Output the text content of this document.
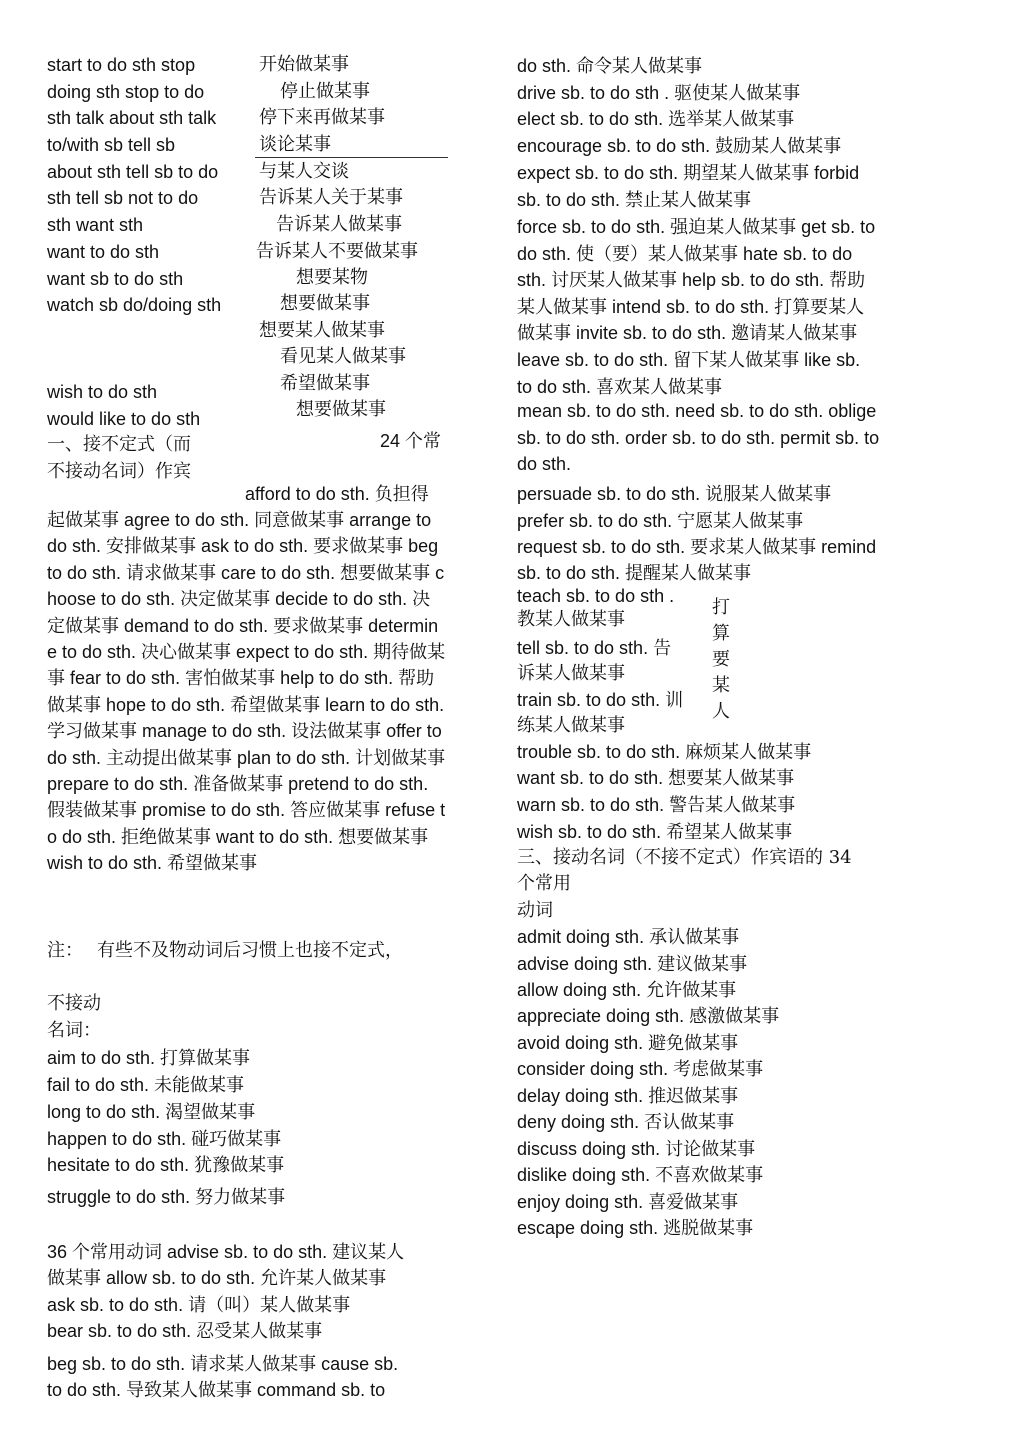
start to do sth stop
doing sth stop to do
sth talk about sth talk
to/with sb tell sb
about sth tell sb to do
sth tell sb not to do
sth want sth
want to do sth
want sb to do sth
watch sb do/doing sth
开始做某事
停止做某事
停下来再做某事
谈论某事
与某人交谈
告诉某人关于某事
告诉某人做某事
告诉某人不要做某事
想要某物
想要做某事
想要某人做某事
看见某人做某事
希望做某事
想要做某事
wish to do sth
would like to do sth
一、接不定式（而
不接动名词）作宾
24 个常
afford to do sth. 负担得
起做某事 agree to do sth. 同意做某事 arrange to do sth. 安排做某事 ask to do sth. 要求做某事 beg to do sth. 请求做某事 care to do sth. 想要做某事 choose to do sth. 决定做某事 decide to do sth. 决定做某事 demand to do sth. 要求做某事 determine to do sth. 决心做某事 expect to do sth. 期待做某事 fear to do sth. 害怕做某事 help to do sth. 帮助做某事 hope to do sth. 希望做某事 learn to do sth. 学习做某事 manage to do sth. 设法做某事 offer to do sth. 主动提出做某事 plan to do sth. 计划做某事 prepare to do sth. 准备做某事 pretend to do sth. 假装做某事 promise to do sth. 答应做某事 refuse to do sth. 拒绝做某事 want to do sth. 想要做某事 wish to do sth. 希望做某事
注： 有些不及物动词后习惯上也接不定式，
不接动
名词：
aim to do sth. 打算做某事
fail to do sth. 未能做某事
long to do sth. 渴望做某事
happen to do sth. 碰巧做某事
hesitate to do sth. 犹豫做某事
struggle to do sth. 努力做某事
36 个常用动词 advise sb. to do sth. 建议某人
做某事 allow sb. to do sth. 允许某人做某事
ask sb. to do sth. 请（叫）某人做某事
bear sb. to do sth. 忍受某人做某事
beg sb. to do sth. 请求某人做某事 cause sb.
to do sth. 导致某人做某事 command sb. to
do sth. 命令某人做某事
drive sb. to do sth . 驱使某人做某事
elect sb. to do sth. 选举某人做某事
encourage sb. to do sth. 鼓励某人做某事
expect sb. to do sth. 期望某人做某事 forbid
sb. to do sth. 禁止某人做某事
force sb. to do sth. 强迫某人做某事 get sb. to
do sth. 使（要）某人做某事 hate sb. to do
sth. 讨厌某人做某事 help sb. to do sth. 帮助
某人做某事 intend sb. to do sth. 打算要某人
做某事 invite sb. to do sth. 邀请某人做某事
leave sb. to do sth. 留下某人做某事 like sb.
to do sth. 喜欢某人做某事
mean sb. to do sth. need sb. to do sth. oblige
sb. to do sth. order sb. to do sth. permit sb. to
do sth.
persuade sb. to do sth. 说服某人做某事
prefer sb. to do sth. 宁愿某人做某事
request sb. to do sth. 要求某人做某事 remind
sb. to do sth. 提醒某人做某事
teach sb. to do sth .
教某人做某事
tell sb. to do sth. 告
诉某人做某事
train sb. to do sth. 训
练某人做某事
打
算
要
某
人
trouble sb. to do sth. 麻烦某人做某事
want sb. to do sth. 想要某人做某事
warn sb. to do sth. 警告某人做某事
wish sb. to do sth. 希望某人做某事
三、接动名词（不接不定式）作宾语的 34
个常用
动词
admit doing sth. 承认做某事
advise doing sth. 建议做某事
allow doing sth. 允许做某事
appreciate doing sth. 感激做某事
avoid doing sth. 避免做某事
consider doing sth. 考虑做某事
delay doing sth. 推迟做某事
deny doing sth. 否认做某事
discuss doing sth. 讨论做某事
dislike doing sth. 不喜欢做某事
enjoy doing sth. 喜爱做某事
escape doing sth. 逃脱做某事
